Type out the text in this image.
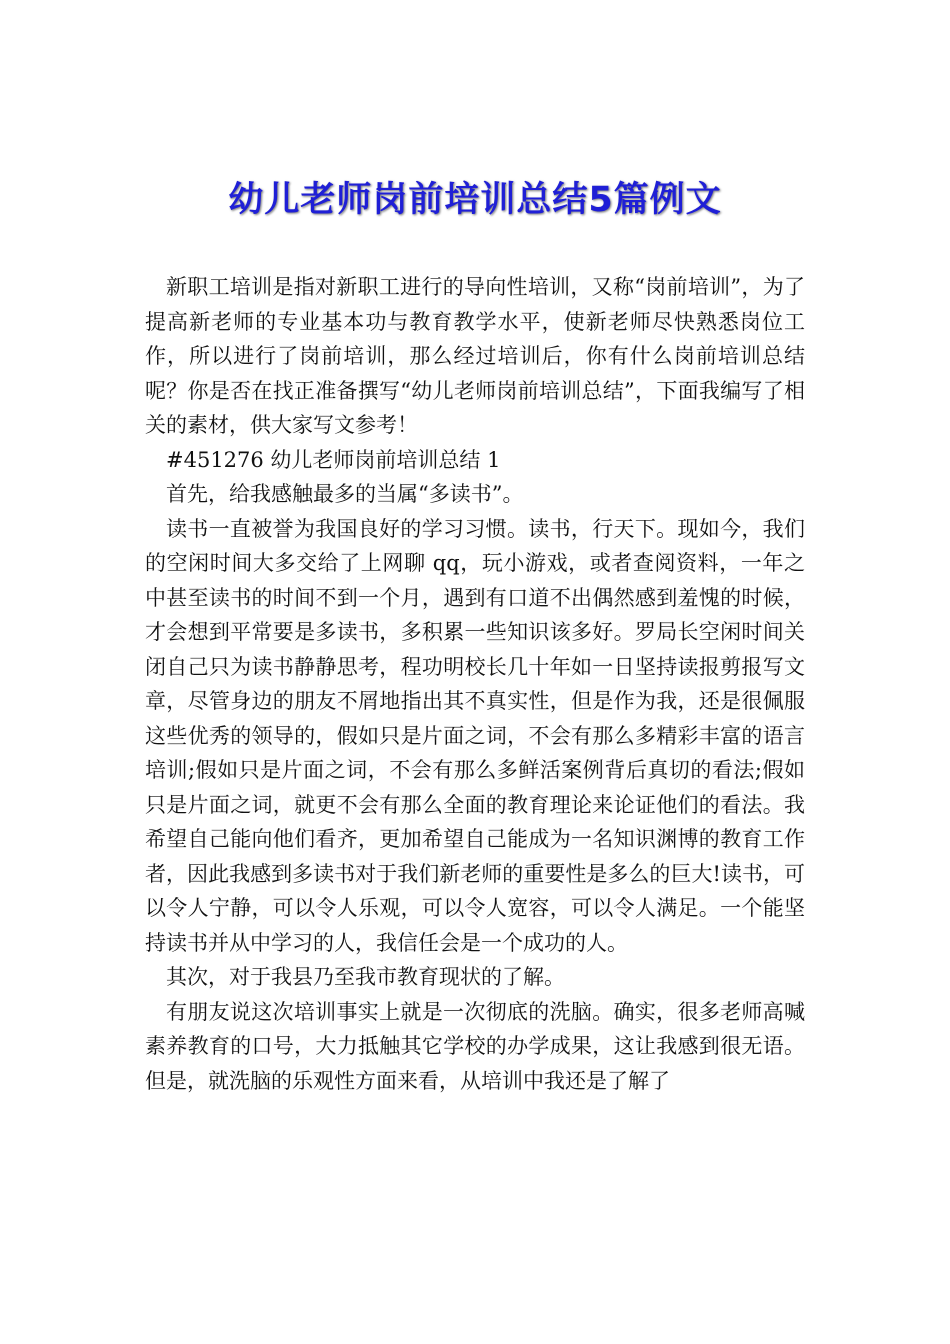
幼儿老师岗前培训总结5篇例文

新职工培训是指对新职工进行的导向性培训，又称“岗前培训”，为了提高新老师的专业基本功与教育教学水平，使新老师尽快熟悉岗位工作，所以进行了岗前培训，那么经过培训后，你有什么岗前培训总结呢？你是否在找正准备撰写“幼儿老师岗前培训总结”，下面我编写了相关的素材，供大家写文参考！

#451276 幼儿老师岗前培训总结 1

首先，给我感触最多的当属“多读书”。

读书一直被誉为我国良好的学习习惯。读书，行天下。现如今，我们的空闲时间大多交给了上网聊 qq，玩小游戏，或者查阅资料，一年之中甚至读书的时间不到一个月，遇到有口道不出偶然感到羞愧的时候，才会想到平常要是多读书，多积累一些知识该多好。罗局长空闲时间关闭自己只为读书静静思考，程功明校长几十年如一日坚持读报剪报写文章，尽管身边的朋友不屑地指出其不真实性，但是作为我，还是很佩服这些优秀的领导的，假如只是片面之词，不会有那么多精彩丰富的语言培训;假如只是片面之词，不会有那么多鲜活案例背后真切的看法;假如只是片面之词，就更不会有那么全面的教育理论来论证他们的看法。我希望自己能向他们看齐，更加希望自己能成为一名知识渊博的教育工作者，因此我感到多读书对于我们新老师的重要性是多么的巨大!读书，可以令人宁静，可以令人乐观，可以令人宽容，可以令人满足。一个能坚持读书并从中学习的人，我信任会是一个成功的人。

其次，对于我县乃至我市教育现状的了解。

有朋友说这次培训事实上就是一次彻底的洗脑。确实，很多老师高喊素养教育的口号，大力抵触其它学校的办学成果，这让我感到很无语。但是，就洗脑的乐观性方面来看，从培训中我还是了解了
